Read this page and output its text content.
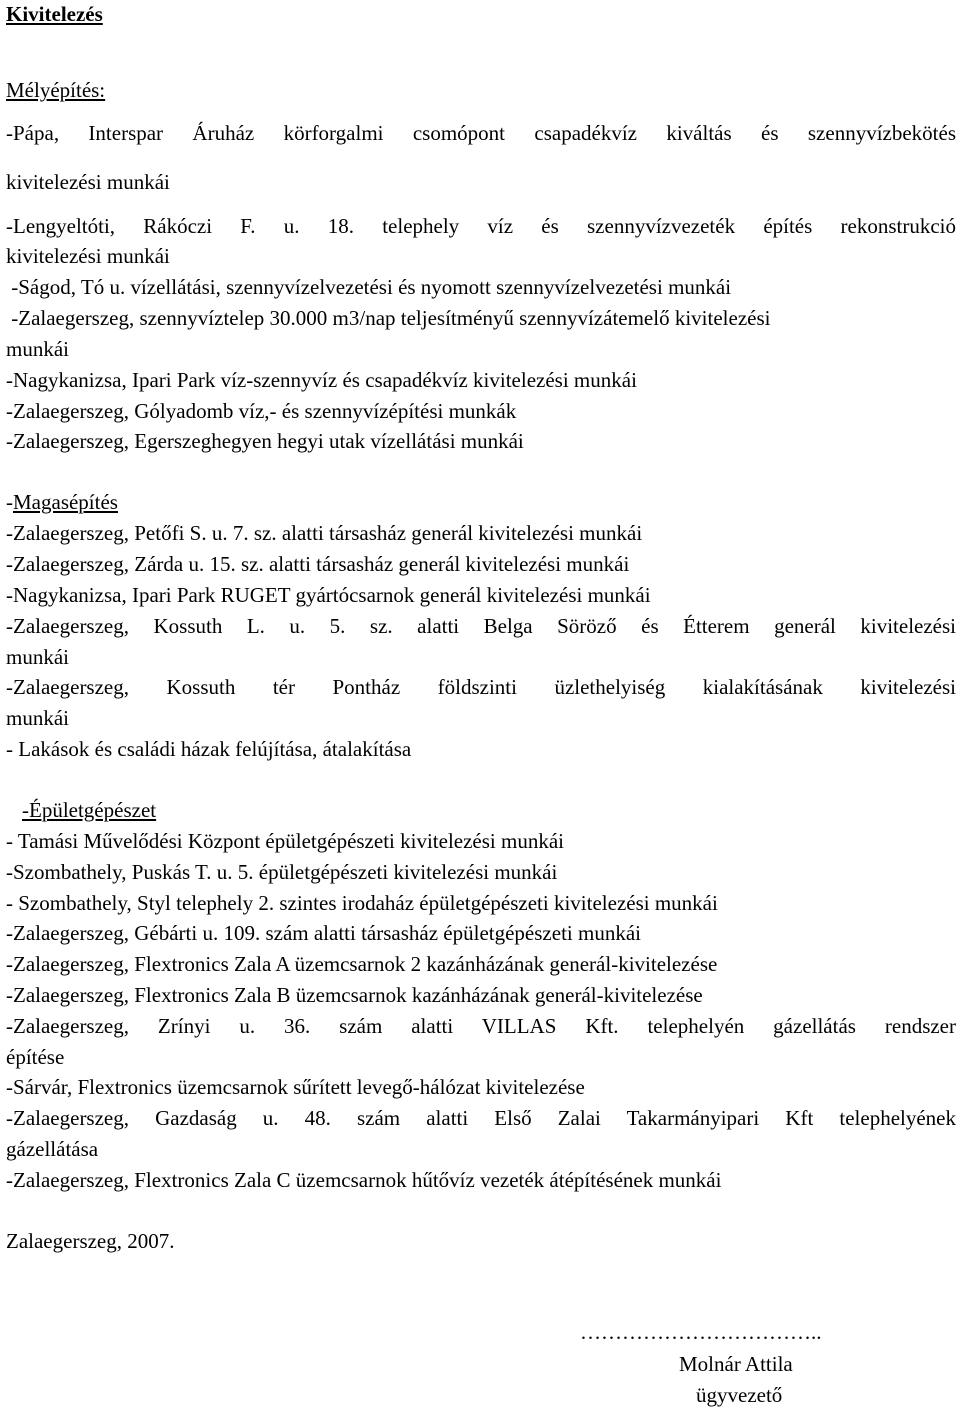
Kivitelezés
Mélyépítés:
-Pápa, Interspar Áruház körforgalmi csomópont csapadékvíz kiváltás és szennyvízbekötés
kivitelezési munkái
-Lengyeltóti, Rákóczi F. u. 18. telephely víz és szennyvízvezeték építés rekonstrukció
kivitelezési munkái
-Ságod, Tó u. vízellátási, szennyvízelvezetési és nyomott szennyvízelvezetési munkái
-Zalaegerszeg, szennyvíztelep 30.000 m3/nap teljesítményű szennyvízátemelő kivitelezési
munkái
-Nagykanizsa, Ipari Park víz-szennyvíz és csapadékvíz kivitelezési munkái
-Zalaegerszeg, Gólyadomb víz,- és szennyvízépítési munkák
-Zalaegerszeg, Egerszeghegyen hegyi utak vízellátási munkái
-Magasépítés
-Zalaegerszeg, Petőfi S. u. 7. sz. alatti társasház generál kivitelezési munkái
-Zalaegerszeg, Zárda u. 15. sz. alatti társasház generál kivitelezési munkái
-Nagykanizsa, Ipari Park RUGET gyártócsarnok generál kivitelezési munkái
-Zalaegerszeg, Kossuth L. u. 5. sz. alatti Belga Söröző és Étterem generál kivitelezési
munkái
-Zalaegerszeg, Kossuth tér Pontház földszinti üzlethelyiség kialakításának kivitelezési
munkái
- Lakások és családi házak felújítása, átalakítása
-Épületgépészet
- Tamási Művelődési Központ épületgépészeti kivitelezési munkái
-Szombathely, Puskás T. u. 5. épületgépészeti kivitelezési munkái
- Szombathely, Styl telephely 2. szintes irodaház épületgépészeti kivitelezési munkái
-Zalaegerszeg, Gébárti u. 109. szám alatti társasház épületgépészeti munkái
-Zalaegerszeg, Flextronics Zala A üzemcsarnok 2 kazánházának generál-kivitelezése
-Zalaegerszeg, Flextronics Zala B üzemcsarnok kazánházának generál-kivitelezése
-Zalaegerszeg, Zrínyi u. 36. szám alatti VILLAS Kft. telephelyén gázellátás rendszer
építése
-Sárvár, Flextronics üzemcsarnok sűrített levegő-hálózat kivitelezése
-Zalaegerszeg, Gazdaság u. 48. szám alatti Első Zalai Takarmányipari Kft telephelyének
gázellátása
-Zalaegerszeg, Flextronics Zala C üzemcsarnok hűtővíz vezeték átépítésének munkái
Zalaegerszeg, 2007.
……………………………..
Molnár Attila
ügyvezető
